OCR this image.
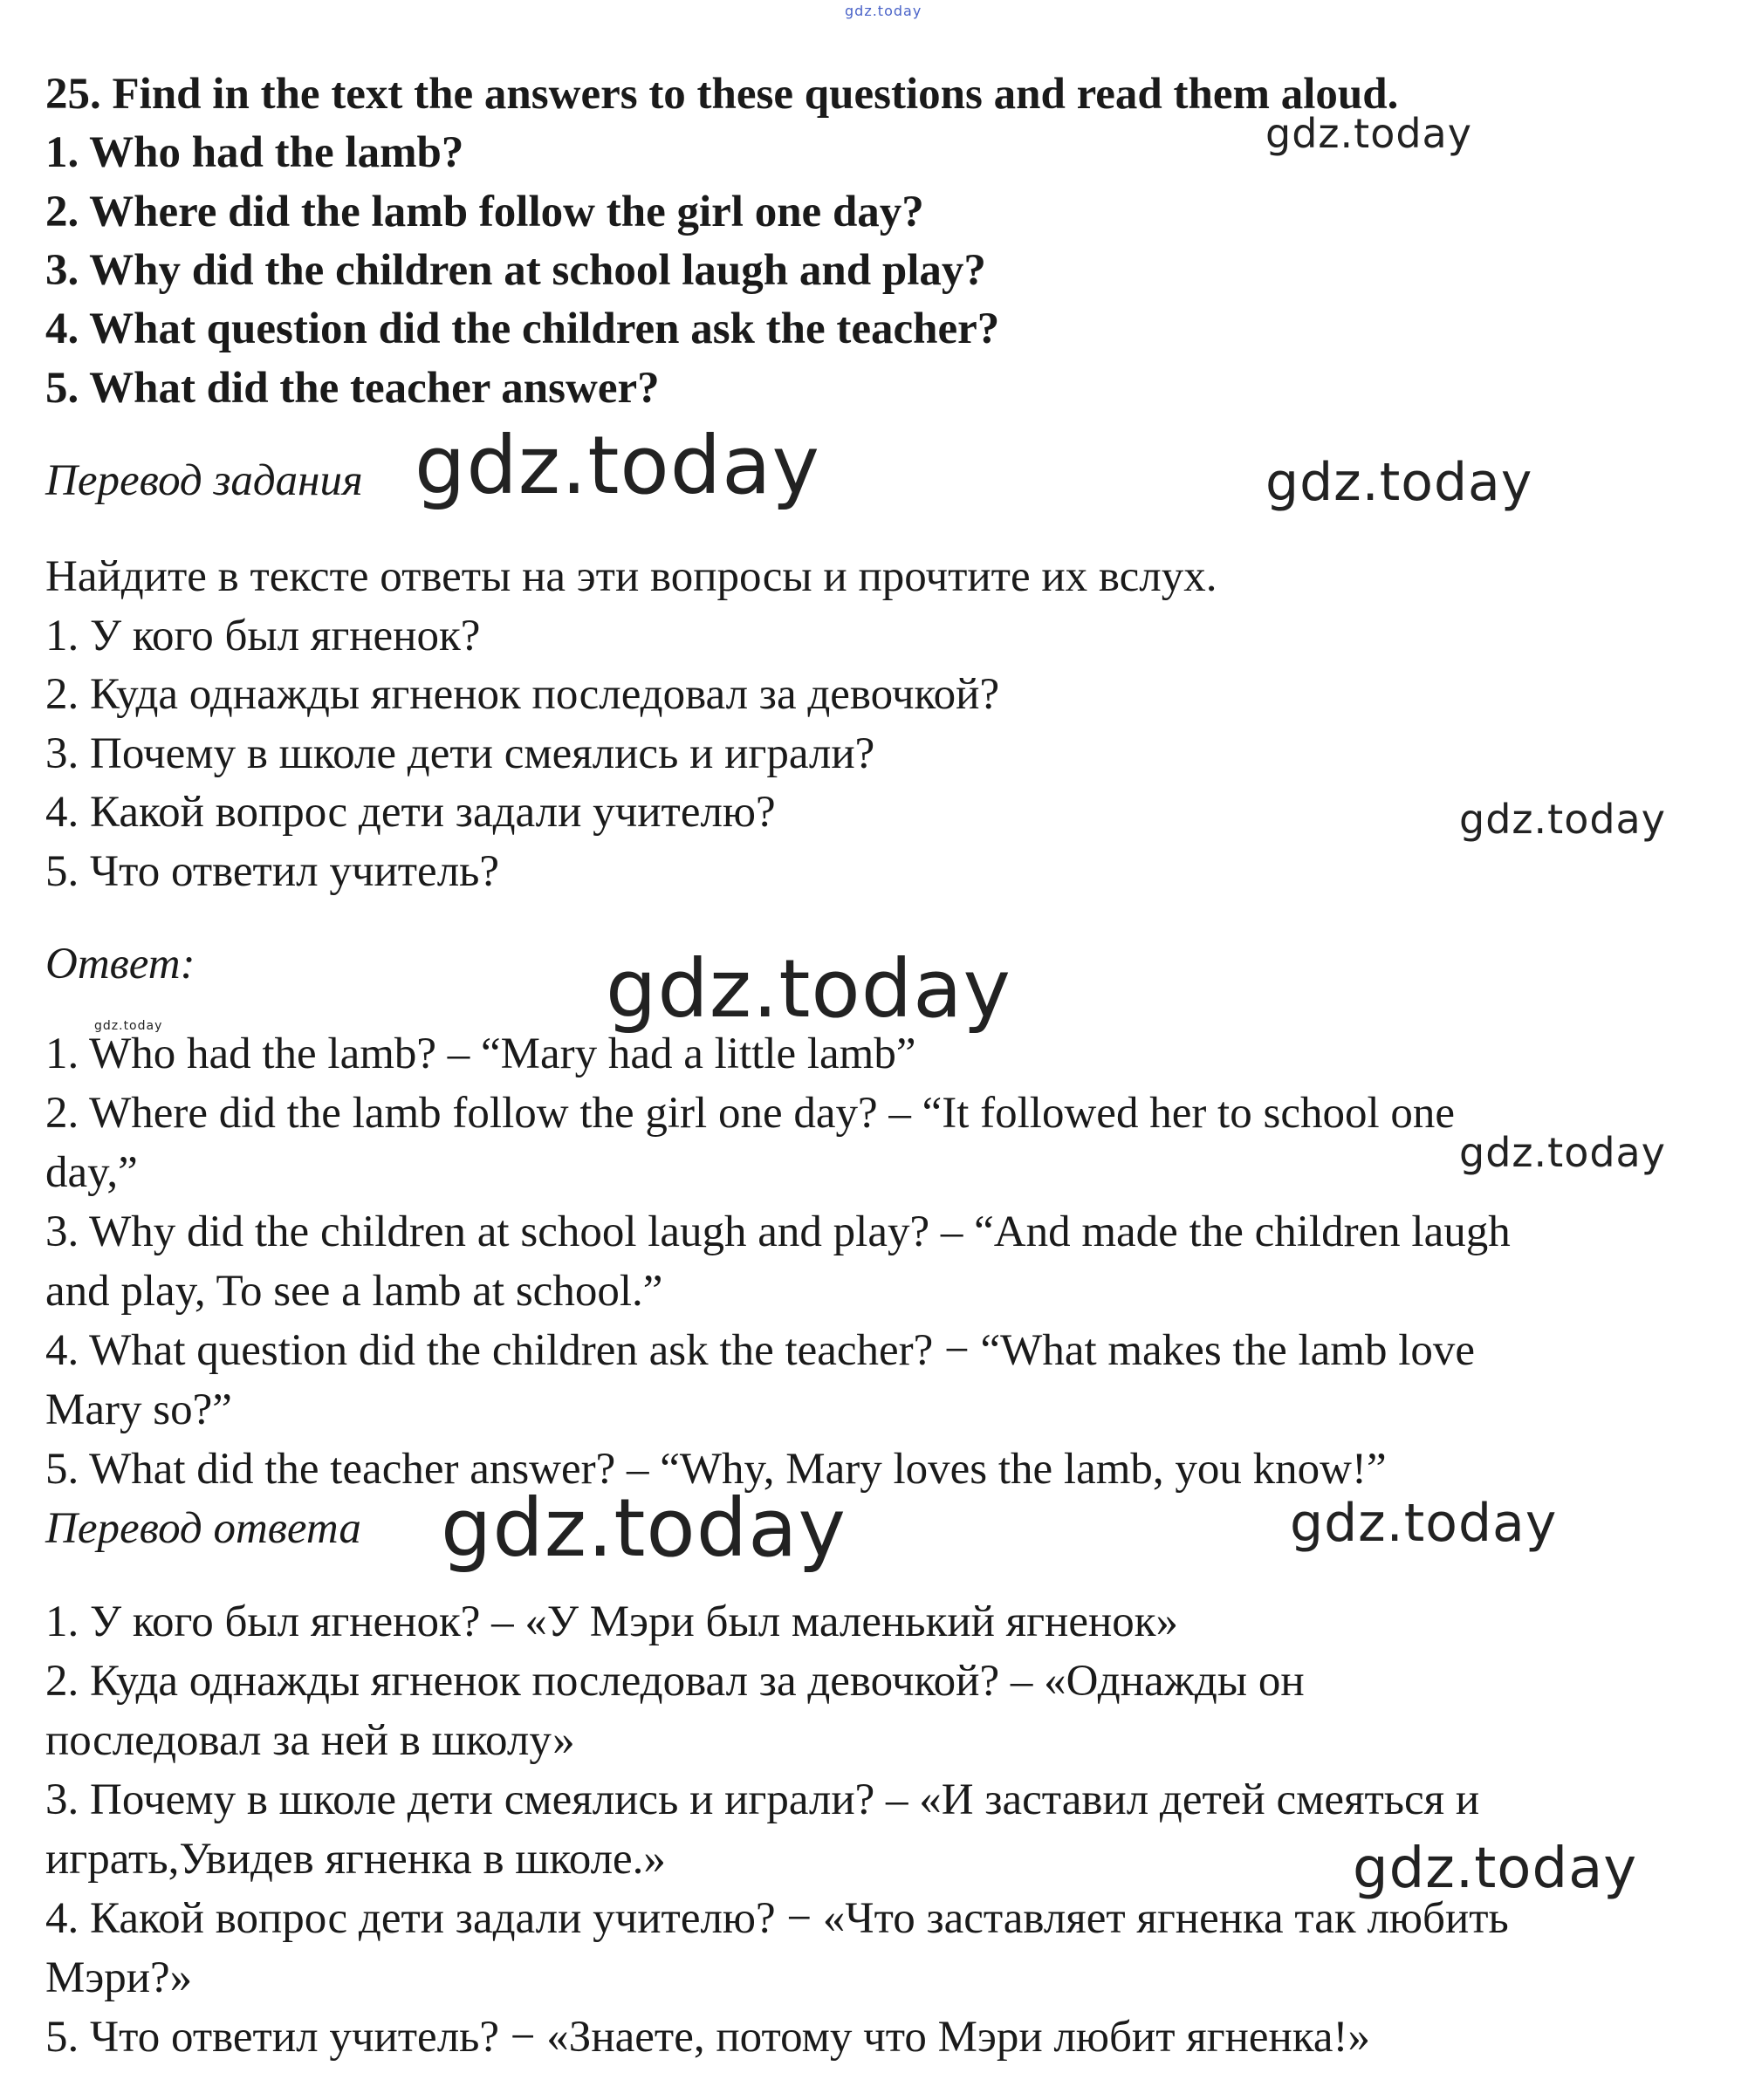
25. Find in the text the answers to these questions and read them aloud.

1. Who had the lamb?

2. Where did the lamb follow the girl one day?

3. Why did the children at school laugh and play?

4. What question did the children ask the teacher?

5. What did the teacher answer?

Перевод задания

Найдите в тексте ответы на эти вопросы и прочтите их вслух.

1. У кого был ягненок?

2. Куда однажды ягненок последовал за девочкой?

3. Почему в школе дети смеялись и играли?

4. Какой вопрос дети задали учителю?

5. Что ответил учитель?

Ответ:

1. Who had the lamb? – “Mary had a little lamb”

2. Where did the lamb follow the girl one day? – “It followed her to school one

day,”

3. Why did the children at school laugh and play? – “And made the children laugh

and play, To see a lamb at school.”

4. What question did the children ask the teacher? − “What makes the lamb love

Mary so?”

5. What did the teacher answer? – “Why, Mary loves the lamb, you know!”

Перевод ответа

1. У кого был ягненок? – «У Мэри был маленький ягненок»

2. Куда однажды ягненок последовал за девочкой? – «Однажды он

последовал за ней в школу»

3. Почему в школе дети смеялись и играли? – «И заставил детей смеяться и

играть,Увидев ягненка в школе.»

4. Какой вопрос дети задали учителю? − «Что заставляет ягненка так любить

Мэри?»

5. Что ответил учитель? − «Знаете, потому что Мэри любит ягненка!»

gdz.today
gdz.today
gdz.today	gdz.today
gdz.today
gdz.today	gdz.today
gdz.today
gdz.today	gdz.today
gdz.today
